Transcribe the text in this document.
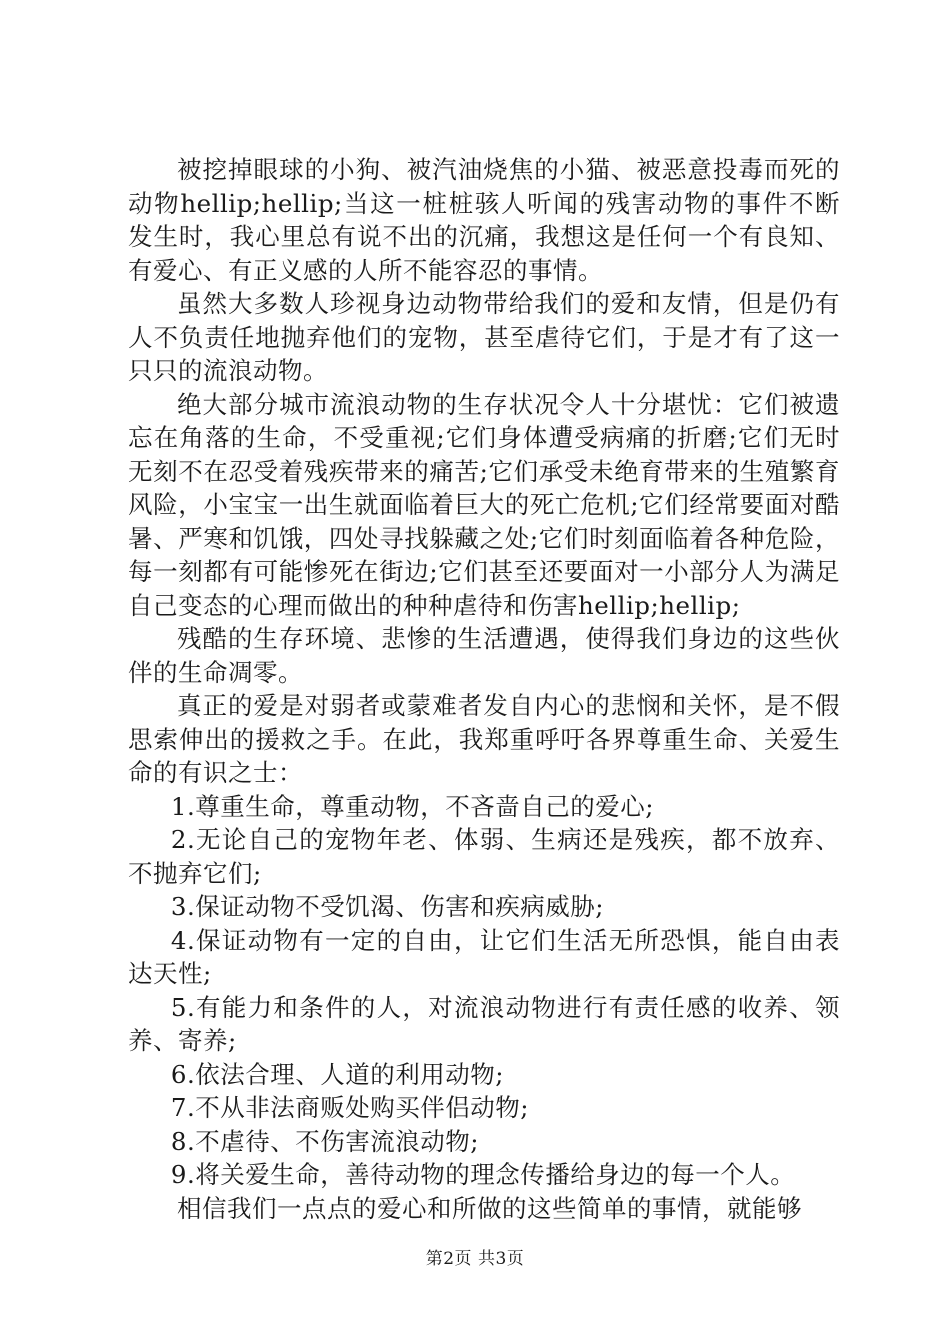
被挖掉眼球的小狗、被汽油烧焦的小猫、被恶意投毒而死的动物hellip;hellip;当这一桩桩骇人听闻的残害动物的事件不断发生时，我心里总有说不出的沉痛，我想这是任何一个有良知、有爱心、有正义感的人所不能容忍的事情。

虽然大多数人珍视身边动物带给我们的爱和友情，但是仍有人不负责任地抛弃他们的宠物，甚至虐待它们，于是才有了这一只只的流浪动物。

绝大部分城市流浪动物的生存状况令人十分堪忧：它们被遗忘在角落的生命，不受重视;它们身体遭受病痛的折磨;它们无时无刻不在忍受着残疾带来的痛苦;它们承受未绝育带来的生殖繁育风险，小宝宝一出生就面临着巨大的死亡危机;它们经常要面对酷暑、严寒和饥饿，四处寻找躲藏之处;它们时刻面临着各种危险，每一刻都有可能惨死在街边;它们甚至还要面对一小部分人为满足自己变态的心理而做出的种种虐待和伤害hellip;hellip;

残酷的生存环境、悲惨的生活遭遇，使得我们身边的这些伙伴的生命凋零。

真正的爱是对弱者或蒙难者发自内心的悲悯和关怀，是不假思索伸出的援救之手。在此，我郑重呼吁各界尊重生命、关爱生命的有识之士：

1.尊重生命，尊重动物，不吝啬自己的爱心;

2.无论自己的宠物年老、体弱、生病还是残疾，都不放弃、不抛弃它们;

3.保证动物不受饥渴、伤害和疾病威胁;

4.保证动物有一定的自由，让它们生活无所恐惧，能自由表达天性;

5.有能力和条件的人，对流浪动物进行有责任感的收养、领养、寄养;

6.依法合理、人道的利用动物;

7.不从非法商贩处购买伴侣动物;

8.不虐待、不伤害流浪动物;

9.将关爱生命，善待动物的理念传播给身边的每一个人。

相信我们一点点的爱心和所做的这些简单的事情，就能够

第2页 共3页
